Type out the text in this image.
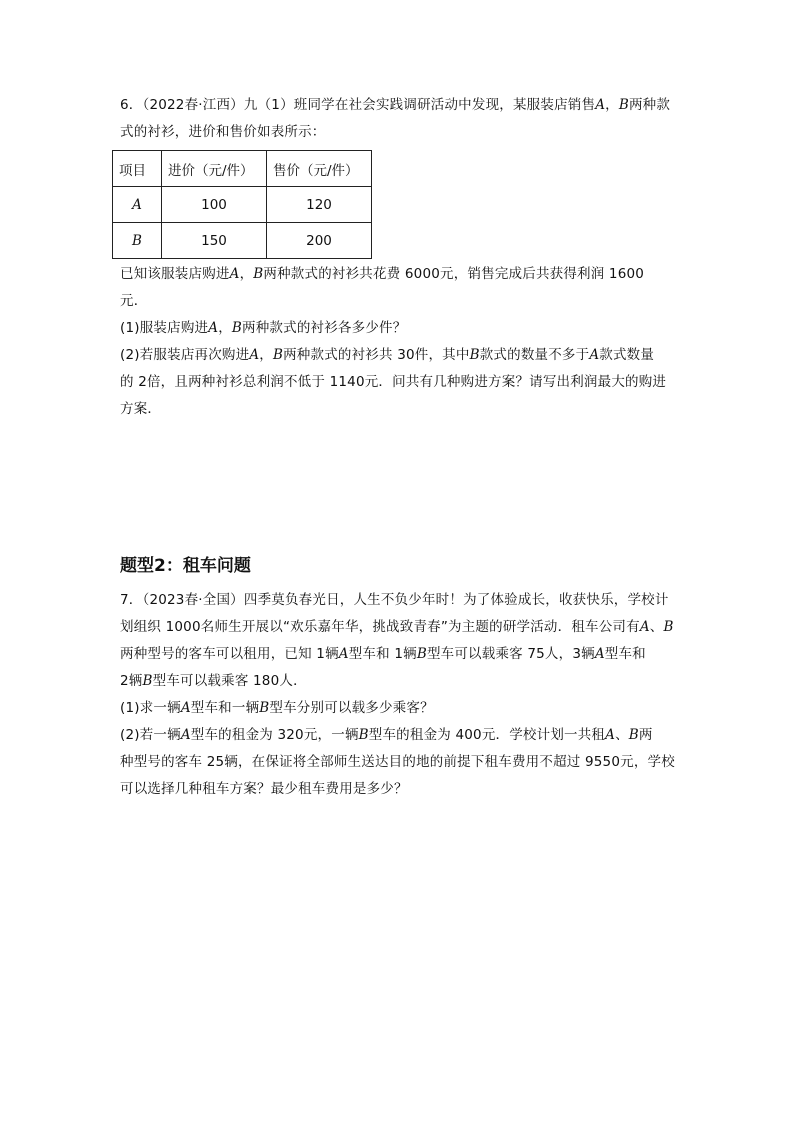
6．（2022春·江西）九（1）班同学在社会实践调研活动中发现，某服装店销售A，B两种款
式的衬衫，进价和售价如表所示：

项目	进价（元/件）	售价（元/件）
A	100	120
B	150	200

已知该服装店购进A，B两种款式的衬衫共花费 6000元，销售完成后共获得利润 1600
元．
(1)服装店购进A，B两种款式的衬衫各多少件？
(2)若服装店再次购进A，B两种款式的衬衫共 30件，其中B款式的数量不多于A款式数量
的 2倍，且两种衬衫总利润不低于 1140元．问共有几种购进方案？请写出利润最大的购进
方案．

题型2：租车问题

7．（2023春·全国）四季莫负春光日，人生不负少年时！为了体验成长，收获快乐，学校计
划组织 1000名师生开展以“欢乐嘉年华，挑战致青春”为主题的研学活动．租车公司有A、B
两种型号的客车可以租用，已知 1辆A型车和 1辆B型车可以载乘客 75人，3辆A型车和
2辆B型车可以载乘客 180人．
(1)求一辆A型车和一辆B型车分别可以载多少乘客？
(2)若一辆A型车的租金为 320元，一辆B型车的租金为 400元．学校计划一共租A、B两
种型号的客车 25辆，在保证将全部师生送达目的地的前提下租车费用不超过 9550元，学校
可以选择几种租车方案？最少租车费用是多少？
